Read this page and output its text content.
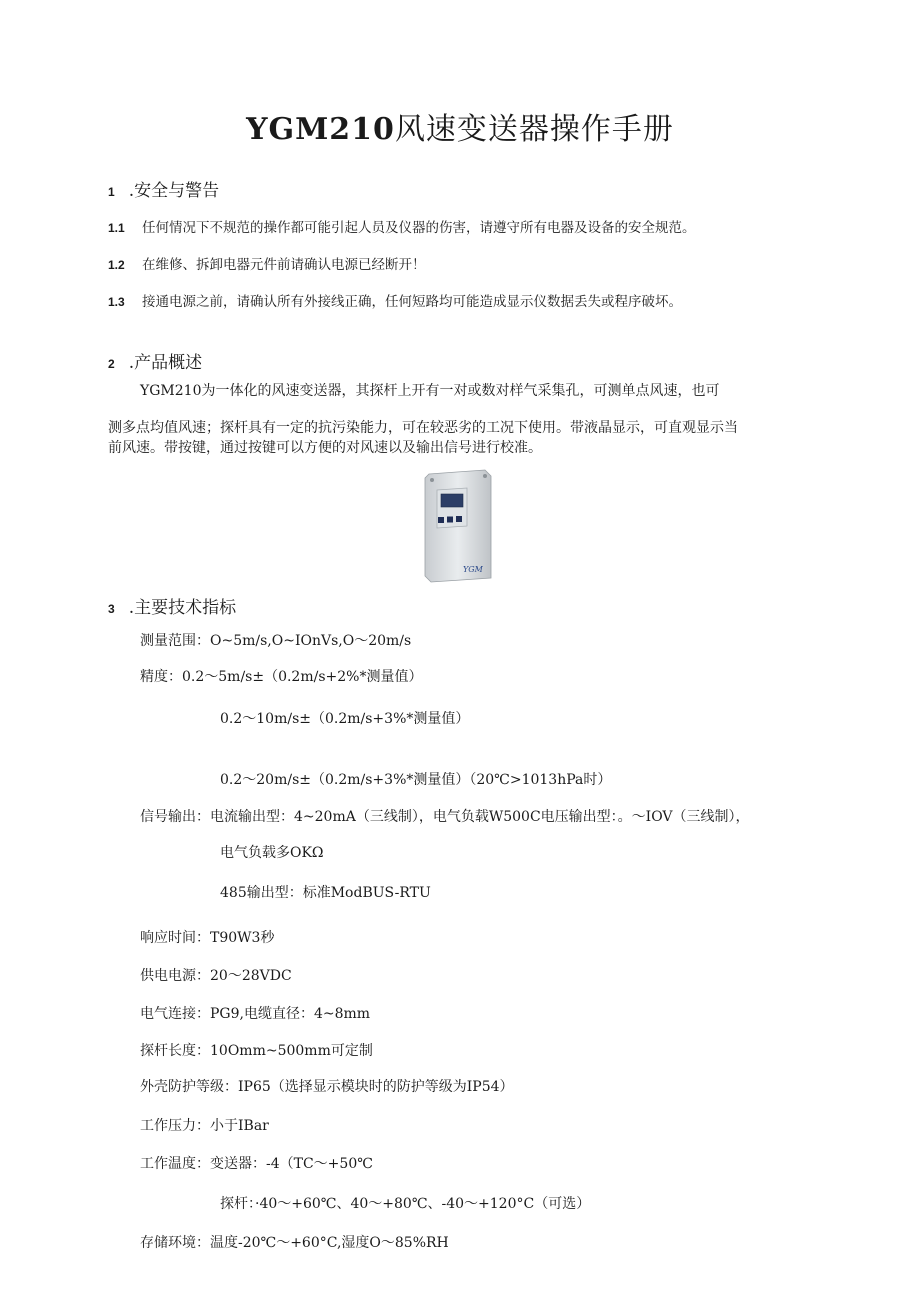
YGM210风速变送器操作手册
1 .安全与警告
1.1 任何情况下不规范的操作都可能引起人员及仪器的伤害，请遵守所有电器及设备的安全规范。
1.2 在维修、拆卸电器元件前请确认电源已经断开！
1.3 接通电源之前，请确认所有外接线正确，任何短路均可能造成显示仪数据丢失或程序破坏。
2 .产品概述
YGM210为一体化的风速变送器，其探杆上开有一对或数对样气采集孔，可测单点风速，也可
测多点均值风速；探杆具有一定的抗污染能力，可在较恶劣的工况下使用。带液晶显示，可直观显示当
前风速。带按键，通过按键可以方便的对风速以及输出信号进行校准。
YGM
3 .主要技术指标
测量范围：O~5m∕s,O~IOnVs,O～20m∕s
精度：0.2～5m∕s±（0.2m∕s+2%*测量值）
0.2～10m∕s±（0.2m∕s+3%*测量值）
0.2～20m∕s±（0.2m∕s+3%*测量值）（20℃>1013hPa时）
信号输出：电流输出型：4~20mA（三线制），电气负载W500C电压输出型：。～IOV（三线制），
电气负载多OKΩ
485输出型：标准ModBUS-RTU
响应时间：T90W3秒
供电电源：20～28VDC
电气连接：PG9,电缆直径：4~8mm
探杆长度：10Omm~500mm可定制
外壳防护等级：IP65（选择显示模块时的防护等级为IP54）
工作压力：小于IBar
工作温度：变送器：-4（TC～+50℃
探杆：·40～+60℃、40～+80℃、-40～+120°C（可选）
存储环境：温度-20℃～+60°C,湿度O～85%RH
